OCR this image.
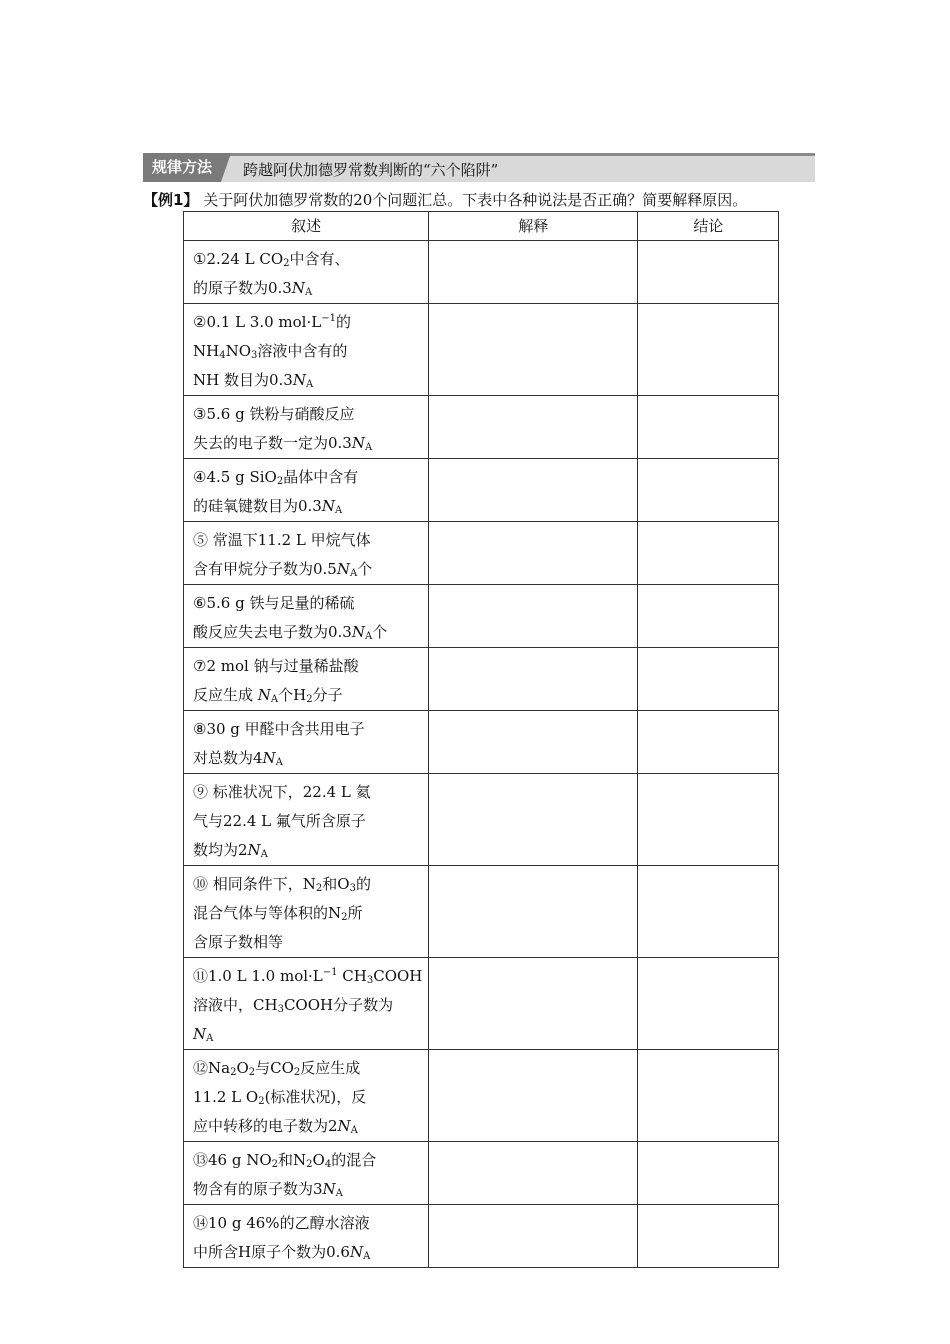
规律方法	跨越阿伏加德罗常数判断的“六个陷阱”
【例1】 关于阿伏加德罗常数的20个问题汇总。下表中各种说法是否正确？简要解释原因。
叙述	解释	结论

①2.24 L $CO_2$中含有、
的原子数为$0.3N_A$

②0.1 L 3.0 $mol\cdot L^{-1}$的
$NH_4NO_3$溶液中含有的
NH 数目为$0.3N_A$

③5.6 g 铁粉与硝酸反应
失去的电子数一定为$0.3N_A$

④4.5 g SiO$_2$晶体中含有
的硅氧键数目为$0.3N_A$

⑤ 常温下11.2 L 甲烷气体
含有甲烷分子数为$0.5N_A$个		

⑥5.6 g 铁与足量的稀硫
酸反应失去电子数为$0.3N_A$个		

⑦2 mol 钠与过量稀盐酸
反应生成 $N_A$个$H_2$分子		

⑧30 g 甲醛中含共用电子
对总数为$4N_A$

⑨ 标准状况下，22.4 L 氦
气与22.4 L 氟气所含原子
数均为$2N_A$

⑩ 相同条件下，$N_2$和$O_3$的
混合气体与等体积的$N_2$所
含原子数相等		

⑪1.0 L 1.0 $mol\cdot L^{-1}$ $CH_3COOH$
溶液中，$CH_3COOH$分子数为
$N_A$

$⑫Na_2O_2$与$CO_2$反应生成
11.2 L $O_2$(标准状况)，反
应中转移的电子数为$2N_A$

⑬46 g $NO_2$和$N_2O_4$的混合
物含有的原子数为$3N_A$

⑭10 g 46%的乙醇水溶液
中所含H原子个数为$0.6N_A$
